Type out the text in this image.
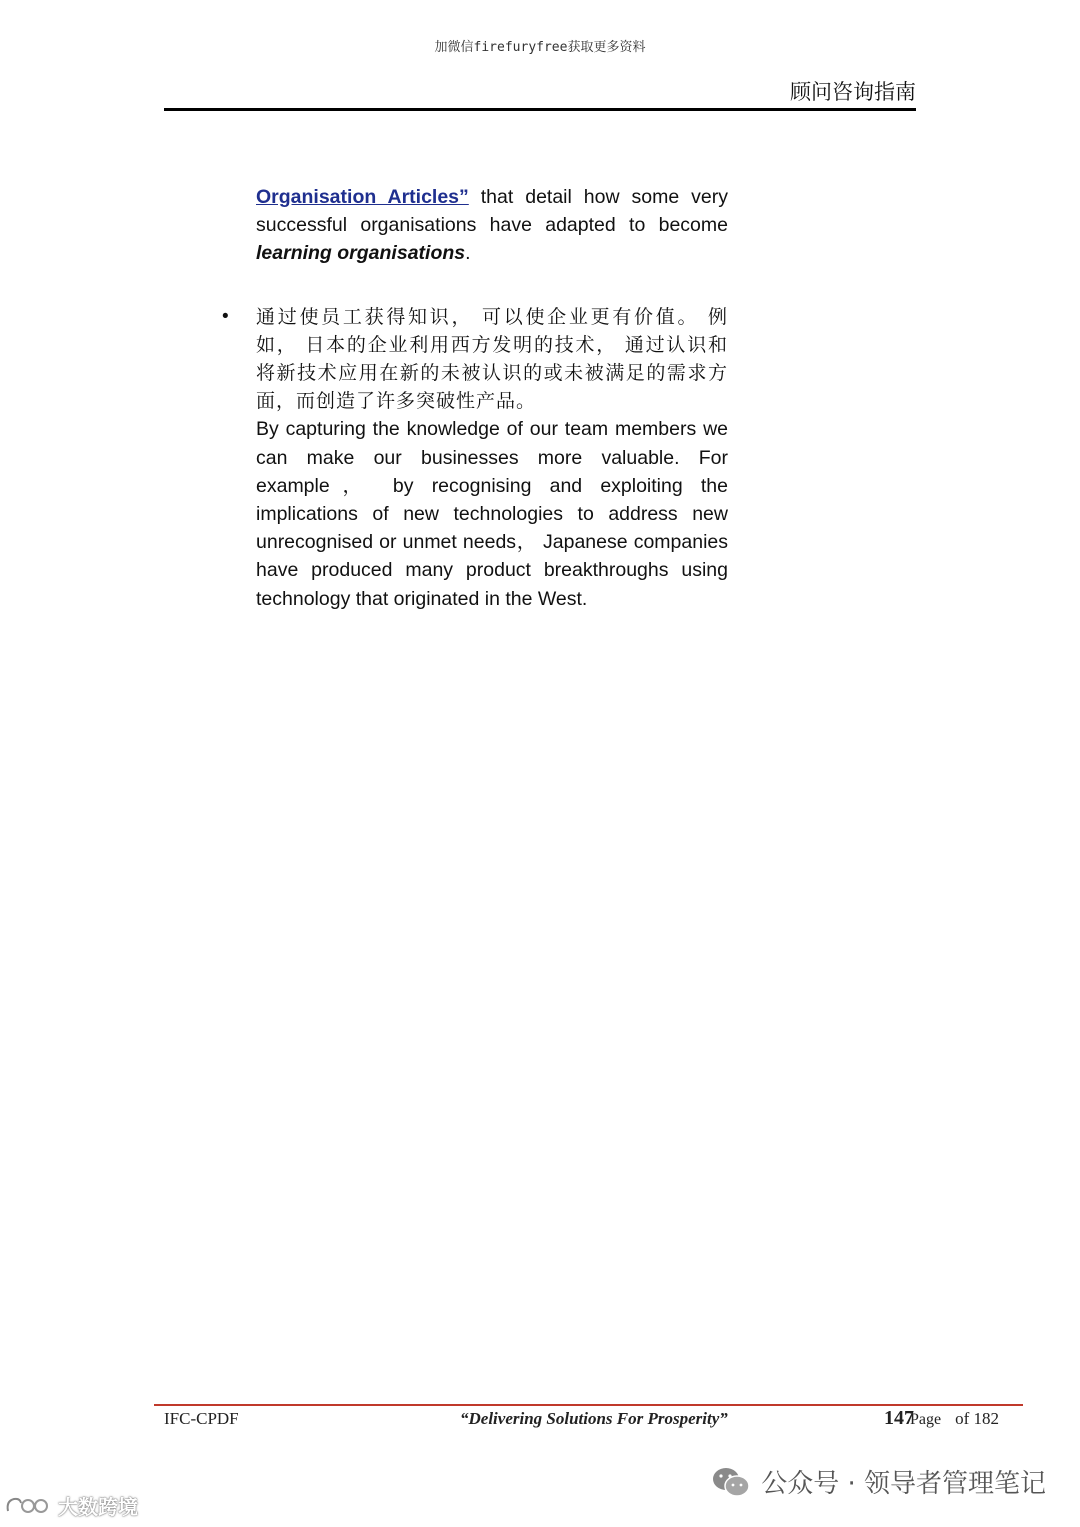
加微信firefuryfree获取更多资料
顾问咨询指南

Organisation Articles” that detail how some very successful organisations have adapted to become learning organisations.

• 通过使员工获得知识， 可以使企业更有价值。 例如， 日本的企业利用西方发明的技术， 通过认识和将新技术应用在新的未被认识的或未被满足的需求方面，而创造了许多突破性产品。

By capturing the knowledge of our team members we can make our businesses more valuable. For example， by recognising and exploiting the implications of new technologies to address new unrecognised or unmet needs， Japanese companies have produced many product breakthroughs using technology that originated in the West.

IFC-CPDF	“Delivering Solutions For Prosperity”	147Page of 182
公众号 · 领导者管理笔记
大数跨境
